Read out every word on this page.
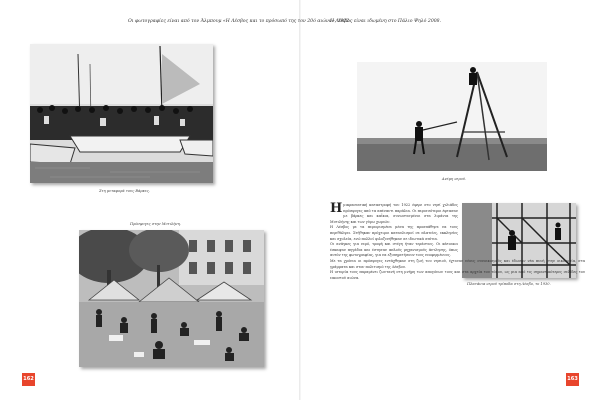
Οι φωτογραφίες είναι από τον Άλμπουμ «Η Λέσβος και το πρόσωπό της τον 20ό αιώνα», 1922.
Στη μεταφορά τους Βάρκες.
Πρόσφυγες στην Μυτιλήνη.
162
Η Λέσβος είναι ιδωμένη στο Πάλιο Ψηλό 2008.
Ανέμη νερού.
Πλατάνια νερού τρίποδα στη Λέσβο, το 1930.
Η μικρασιατική καταστροφή του 1922 έφερε στο νησί χιλιάδες πρόσφυγες από τα απέναντι παράλια. Οι περισσότεροι έφτασαν με βάρκες και καΐκια, συνωστισμένοι στα λιμάνια της Μυτιλήνης και των γύρω χωριών.

Η Λέσβος με τα περιορισμένα μέσα της προσπάθησε να τους περιθάλψει. Στήθηκαν πρόχειροι καταυλισμοί σε πλατείες, εκκλησίες και σχολεία, ενώ πολλοί φιλοξενήθηκαν σε ιδιωτικά σπίτια.

Οι ανάγκες για νερό, τροφή και στέγη ήταν τεράστιες. Οι κάτοικοι έσκαψαν πηγάδια και έστησαν απλούς μηχανισμούς άντλησης, όπως αυτόν της φωτογραφίας, για να εξυπηρετήσουν τους νεοφερμένους.

Με τα χρόνια οι πρόσφυγες εντάχθηκαν στη ζωή του νησιού, έχτισαν νέους συνοικισμούς και έδωσαν νέα πνοή στην οικονομία, στα γράμματα και στον πολιτισμό της Λέσβου.

Η ιστορία τους παραμένει ζωντανή στη μνήμη των απογόνων τους και στα αρχεία του τόπου, ως μια από τις σημαντικότερες σελίδες του εικοστού αιώνα.

163
